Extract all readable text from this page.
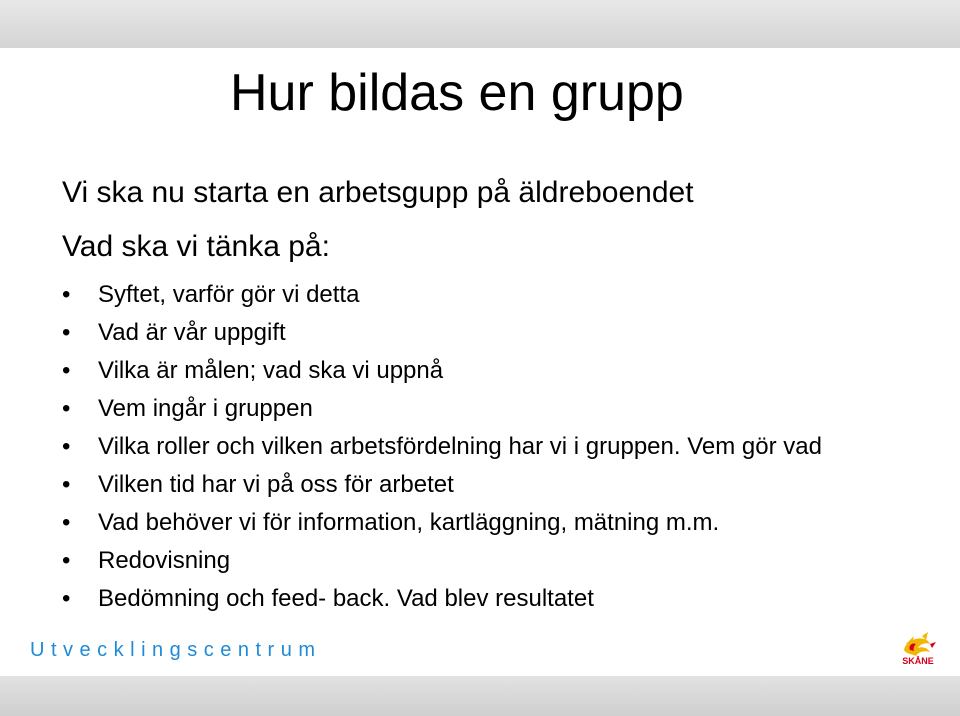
Hur bildas en grupp
Vi ska nu starta en arbetsgupp på äldreboendet
Vad ska vi tänka på:
•	Syftet, varför gör vi detta
•	Vad är vår uppgift
•	Vilka är målen; vad ska vi uppnå
•	Vem ingår i gruppen
•	Vilka roller och vilken arbetsfördelning har vi i gruppen. Vem gör vad
•	Vilken tid har vi på oss för arbetet
•	Vad behöver vi för information, kartläggning, mätning m.m.
•	Redovisning
•	Bedömning och feed- back. Vad blev resultatet
Utvecklingscentrum	SKÅNE
